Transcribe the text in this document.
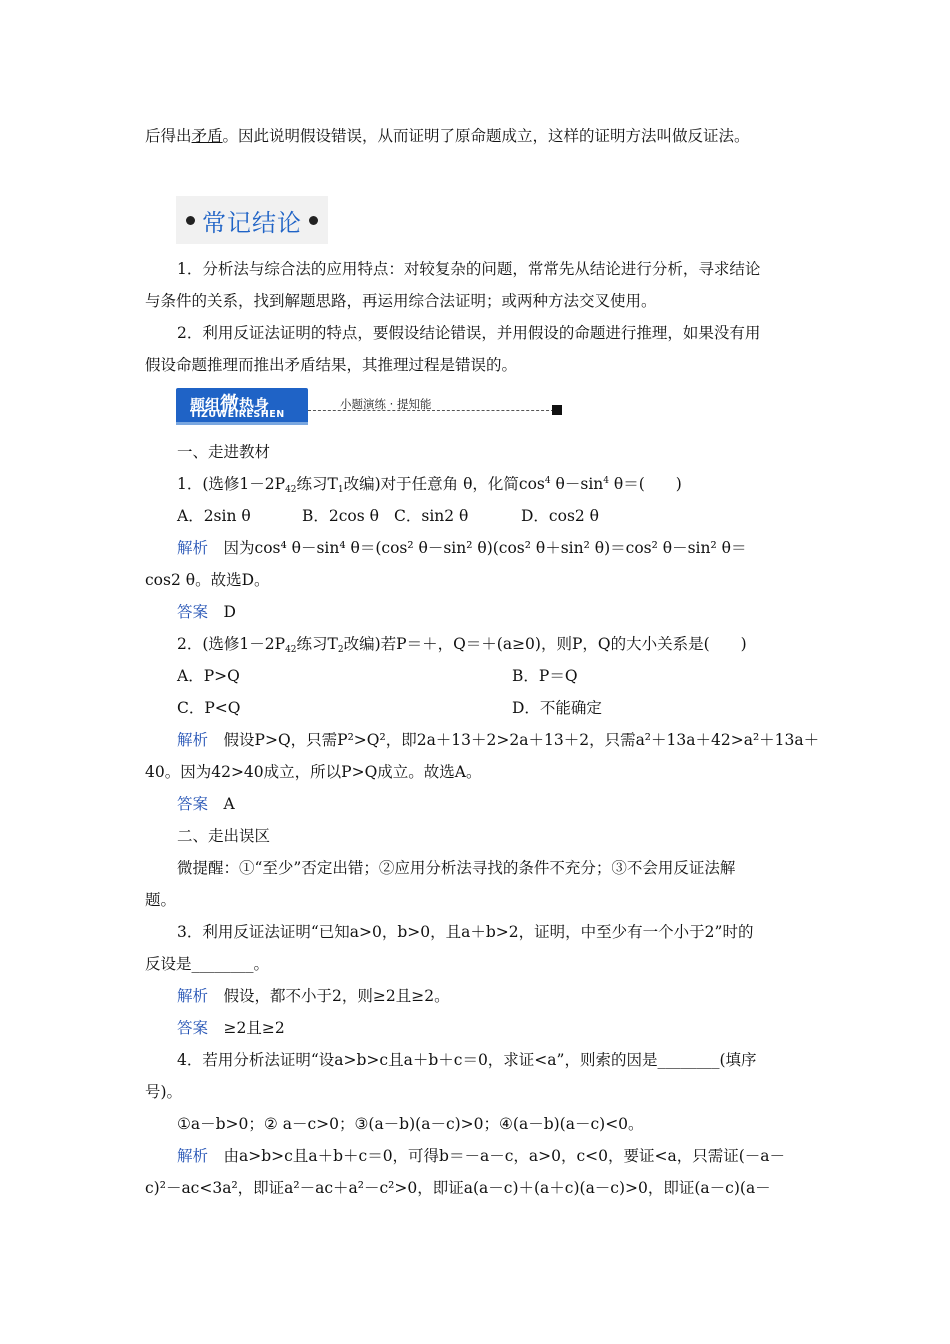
后得出矛盾。因此说明假设错误，从而证明了原命题成立，这样的证明方法叫做反证法。
常记结论
1．分析法与综合法的应用特点：对较复杂的问题，常常先从结论进行分析，寻求结论
与条件的关系，找到解题思路，再运用综合法证明；或两种方法交叉使用。
2．利用反证法证明的特点，要假设结论错误，并用假设的命题进行推理，如果没有用
假设命题推理而推出矛盾结果，其推理过程是错误的。
题组微热身
TIZUWEIRESHEN
小题演练 · 提知能
一、走进教材
1．(选修$1-2P_{42}$练习$T_1$改编)对于任意角 θ，化简$\cos^4 \theta-\sin^4$ θ＝(　　)
A．2sin θ	B．2cos θ C．sin2 θ	D．cos2 θ
解析　 因为cos⁴ θ－sin⁴ θ＝(cos² θ－sin² θ)(cos² θ＋sin² θ)＝cos² θ－sin² θ＝
cos2 θ。故选D。
答案　 D
2．(选修$1-2P_{42}$练习$T_2$改编)若P＝＋，Q＝＋(a≥0)，则P，Q的大小关系是(　　)
A．P>Q	B．P＝Q
C．P<Q	D．不能确定
解析　 假设P>Q，只需P²>Q²，即2a＋13＋2>2a＋13＋2，只需a²＋13a＋42>a²＋13a＋
40。因为42>40成立，所以P>Q成立。故选A。
答案　 A
二、走出误区
微提醒：①“至少”否定出错；②应用分析法寻找的条件不充分；③不会用反证法解
题。
3．利用反证法证明“已知a>0，b>0，且a＋b>2，证明，中至少有一个小于2”时的
反设是________。
解析　 假设，都不小于2，则≥2且≥2。
答案　 ≥2且≥2
4．若用分析法证明“设a>b>c且a＋b＋c＝0，求证<a”，则索的因是________(填序
号)。
①a－b>0；② a－c>0；③(a－b)(a－c)>0；④(a－b)(a－c)<0。
解析　 由a>b>c且a＋b＋c＝0，可得b＝－a－c，a>0，c<0，要证<a，只需证(－a－
c)²－ac<3a²，即证a²－ac＋a²－c²>0，即证a(a－c)＋(a＋c)(a－c)>0，即证(a－c)(a－
